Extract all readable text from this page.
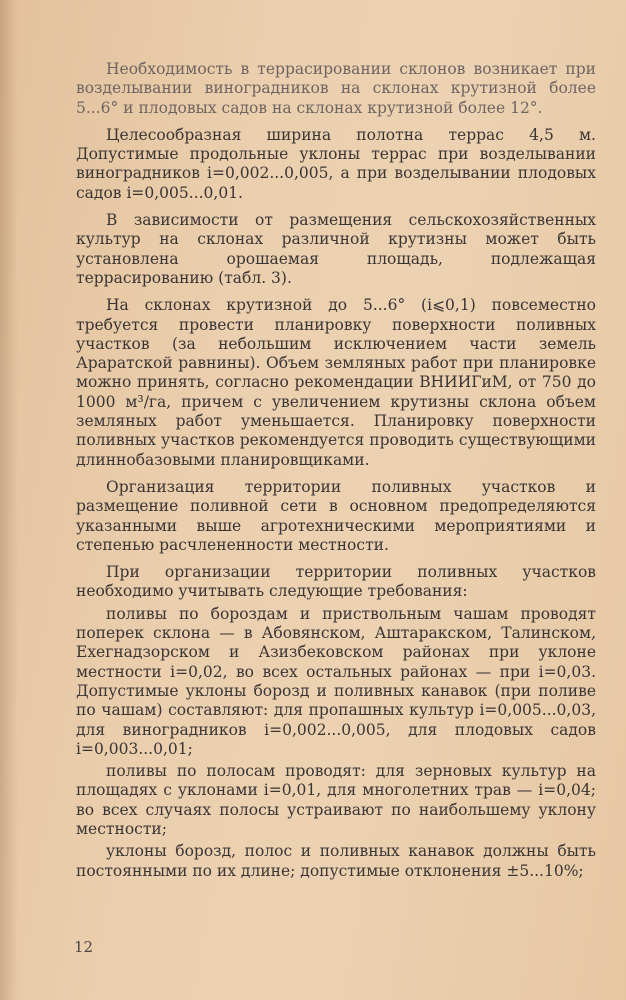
Необходимость в террасировании склонов возникает при возделывании виноградников на склонах крутизной более 5...6° и плодовых садов на склонах крутизной более 12°.

Целесообразная ширина полотна террас 4,5 м. Допустимые продольные уклоны террас при возделывании виноградников i=0,002...0,005, а при возделывании плодовых садов i=0,005...0,01.

В зависимости от размещения сельскохозяйственных культур на склонах различной крутизны может быть установлена орошаемая площадь, подлежащая террасированию (табл. 3).

На склонах крутизной до 5...6° (i⩽0,1) повсеместно требуется провести планировку поверхности поливных участков (за небольшим исключением части земель Араратской равнины). Объем земляных работ при планировке можно принять, согласно рекомендации ВНИИГиМ, от 750 до 1000 м³/га, причем с увеличением крутизны склона объем земляных работ уменьшается. Планировку поверхности поливных участков рекомендуется проводить существующими длиннобазовыми планировщиками.

Организация территории поливных участков и размещение поливной сети в основном предопределяются указанными выше агротехническими мероприятиями и степенью расчлененности местности.

При организации территории поливных участков необходимо учитывать следующие требования:

поливы по бороздам и приствольным чашам проводят поперек склона — в Абовянском, Аштаракском, Талинском, Ехегнадзорском и Азизбековском районах при уклоне местности i=0,02, во всех остальных районах — при i=0,03. Допустимые уклоны борозд и поливных канавок (при поливе по чашам) составляют: для пропашных культур i=0,005...0,03, для виноградников i=0,002...0,005, для плодовых садов i=0,003...0,01;

поливы по полосам проводят: для зерновых культур на площадях с уклонами i=0,01, для многолетних трав — i=0,04; во всех случаях полосы устраивают по наибольшему уклону местности;

уклоны борозд, полос и поливных канавок должны быть постоянными по их длине; допустимые отклонения ±5...10%;

12
